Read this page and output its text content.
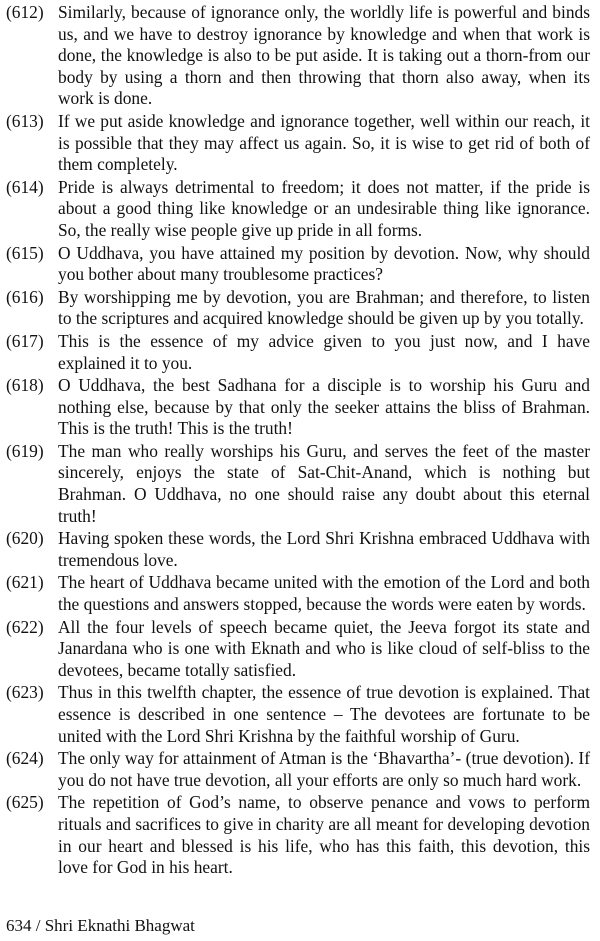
(612) Similarly, because of ignorance only, the worldly life is powerful and binds us, and we have to destroy ignorance by knowledge and when that work is done, the knowledge is also to be put aside. It is taking out a thorn-from our body by using a thorn and then throwing that thorn also away, when its work is done.
(613) If we put aside knowledge and ignorance together, well within our reach, it is possible that they may affect us again. So, it is wise to get rid of both of them completely.
(614) Pride is always detrimental to freedom; it does not matter, if the pride is about a good thing like knowledge or an undesirable thing like ignorance. So, the really wise people give up pride in all forms.
(615) O Uddhava, you have attained my position by devotion. Now, why should you bother about many troublesome practices?
(616) By worshipping me by devotion, you are Brahman; and therefore, to listen to the scriptures and acquired knowledge should be given up by you totally.
(617) This is the essence of my advice given to you just now, and I have explained it to you.
(618) O Uddhava, the best Sadhana for a disciple is to worship his Guru and nothing else, because by that only the seeker attains the bliss of Brahman. This is the truth! This is the truth!
(619) The man who really worships his Guru, and serves the feet of the master sincerely, enjoys the state of Sat-Chit-Anand, which is nothing but Brahman. O Uddhava, no one should raise any doubt about this eternal truth!
(620) Having spoken these words, the Lord Shri Krishna embraced Uddhava with tremendous love.
(621) The heart of Uddhava became united with the emotion of the Lord and both the questions and answers stopped, because the words were eaten by words.
(622) All the four levels of speech became quiet, the Jeeva forgot its state and Janardana who is one with Eknath and who is like cloud of self-bliss to the devotees, became totally satisfied.
(623) Thus in this twelfth chapter, the essence of true devotion is explained. That essence is described in one sentence – The devotees are fortunate to be united with the Lord Shri Krishna by the faithful worship of Guru.
(624) The only way for attainment of Atman is the ‘Bhavartha’- (true devotion). If you do not have true devotion, all your efforts are only so much hard work.
(625) The repetition of God’s name, to observe penance and vows to perform rituals and sacrifices to give in charity are all meant for developing devotion in our heart and blessed is his life, who has this faith, this devotion, this love for God in his heart.
634 / Shri Eknathi Bhagwat
